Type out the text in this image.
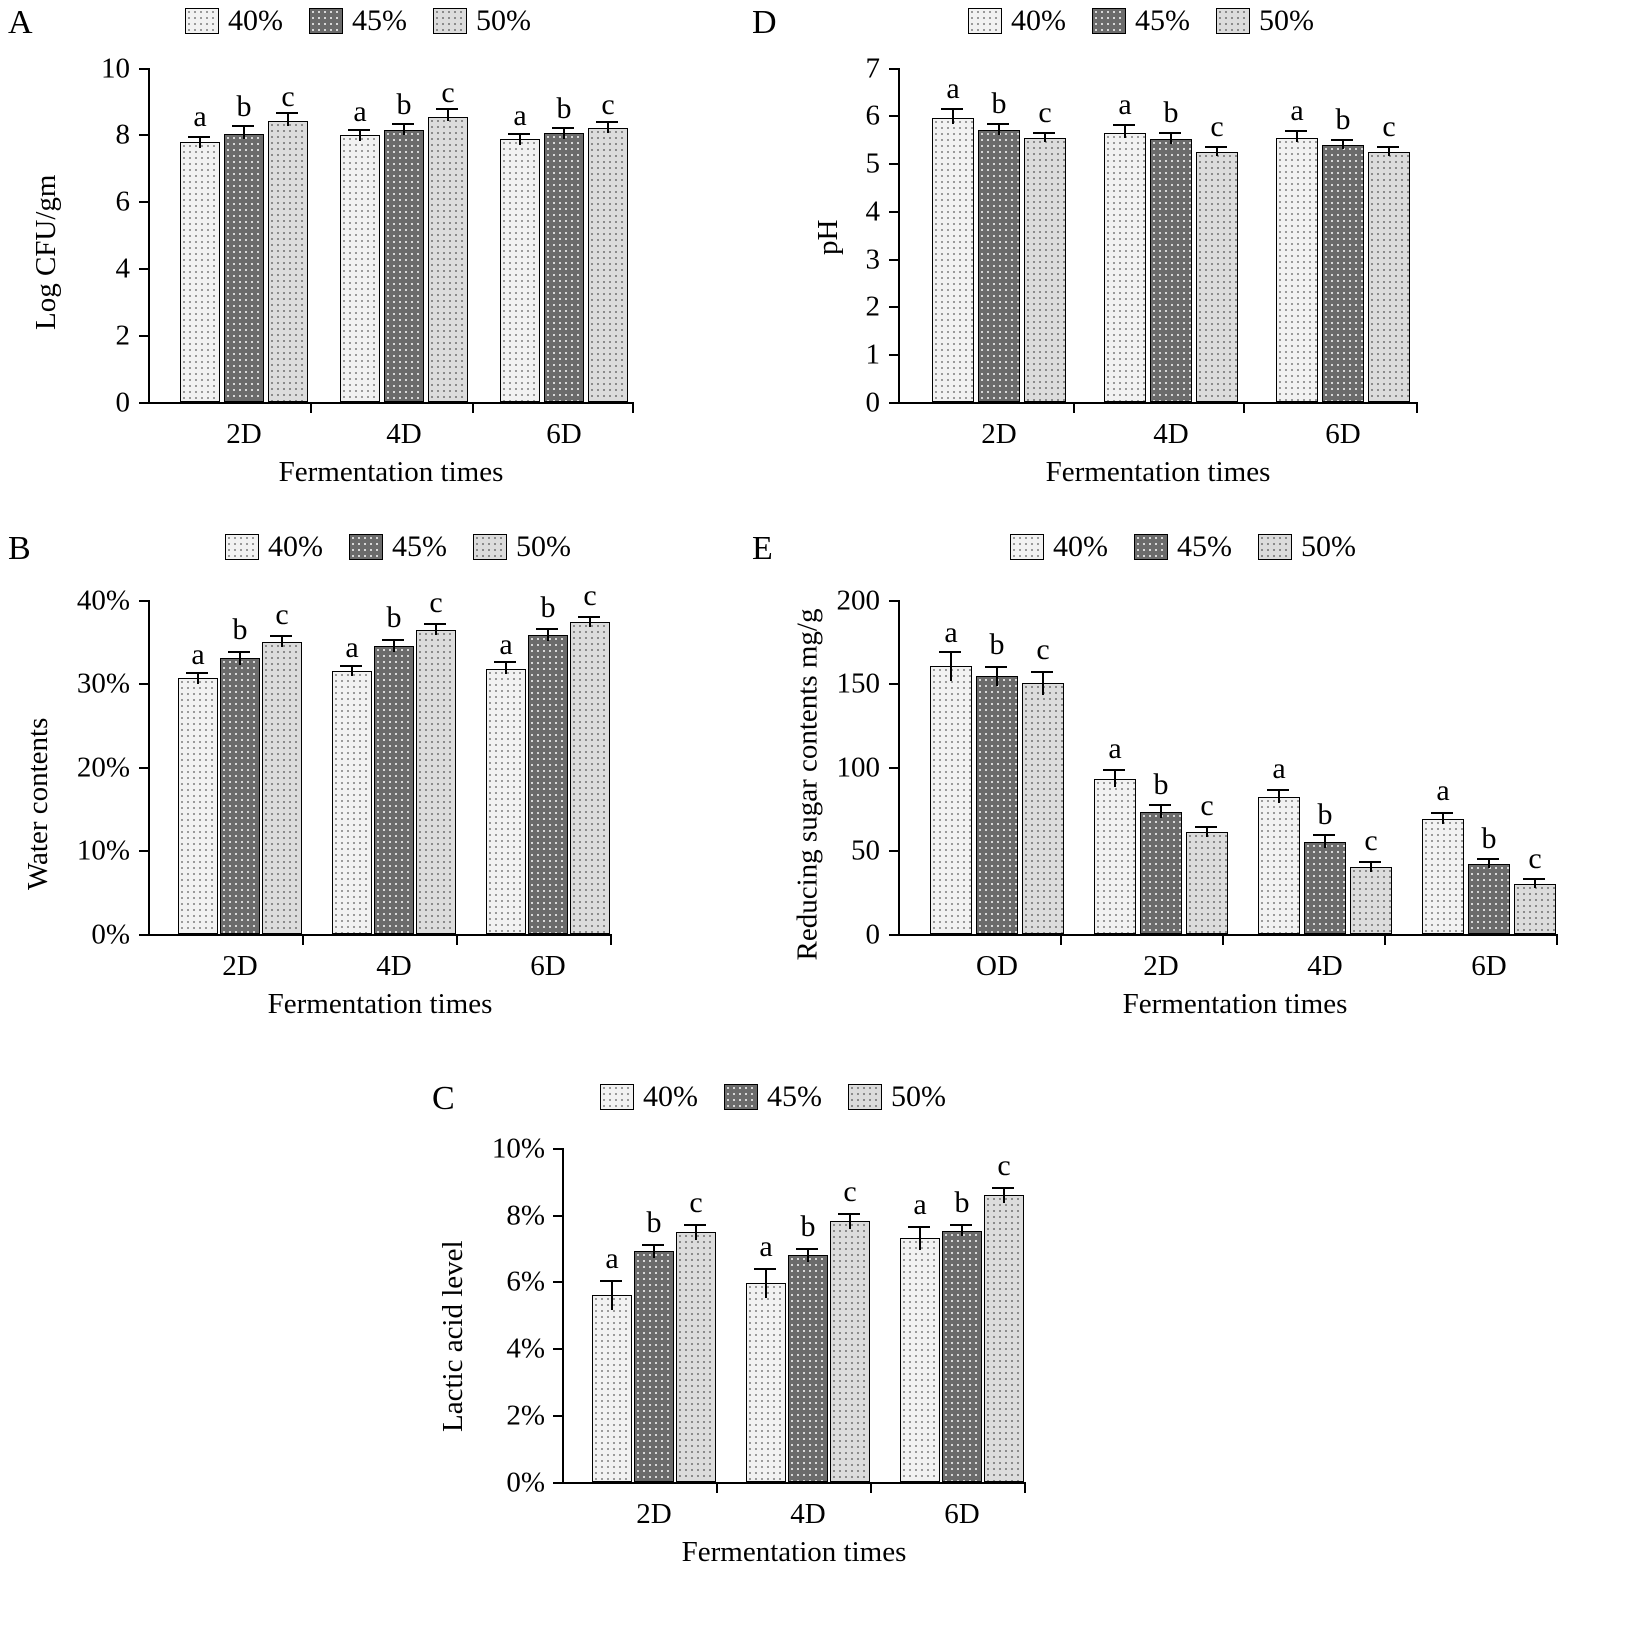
A	40% 45% 50%
0
2
4
6
8
10
a b c	a b c
a b c
2D	4D	6D
Fermentation times
Log CFU/gm
D	40% 45% 50%
0
1
2
3
4
5
6
7
a	b	c	a	b	c	a	b	c
2D	4D	6D
Fermentation times
pH
B	40% 45% 50%
0%
10%
20%
30%
40%
a
b c
a
b c
a
b c
2D	4D	6D
Fermentation times
Water contents
E	40% 45% 50%
0
50
100
150
200
a	b	c
a
b
c
a
b
c
a
b
c
OD	2D	4D	6D
Fermentation times
Reducing sugar contents mg/g
C	40% 45% 50%
0%
2%
4%
6%
8%
10%
a
b
c
a
b
c	a b
c
2D	4D	6D
Fermentation times
Lactic acid level
